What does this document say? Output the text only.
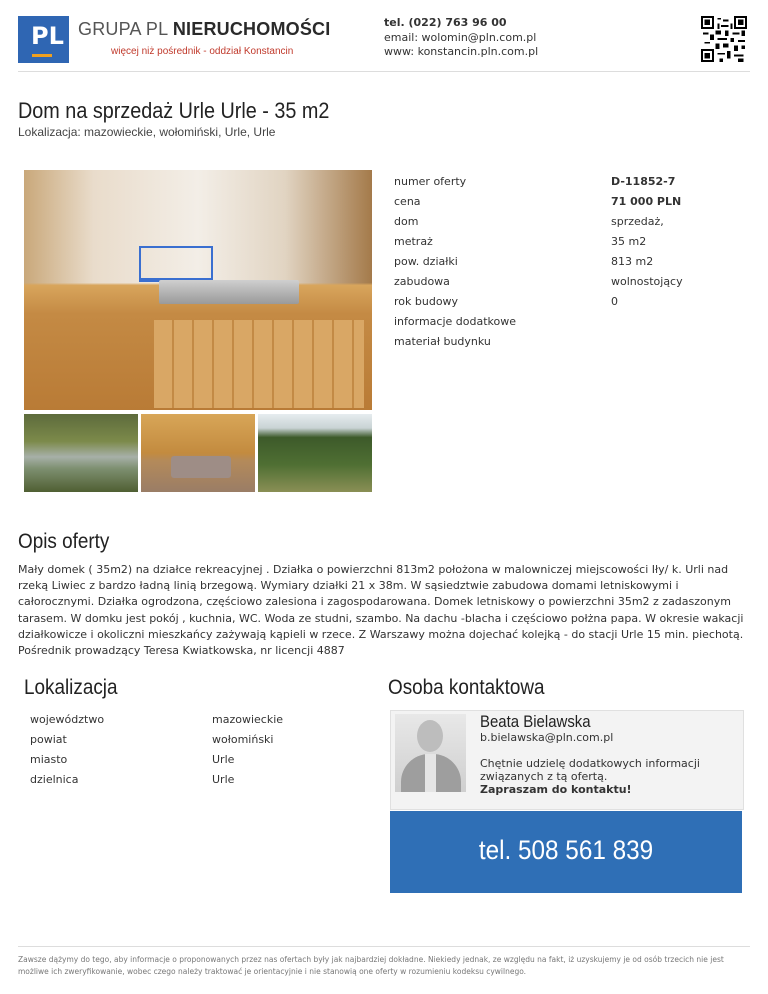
PL GRUPA PL NIERUCHOMOŚCI
więcej niż pośrednik - oddział Konstancin
tel. (022) 763 96 00
email: wolomin@pln.com.pl
www: konstancin.pln.com.pl
Dom na sprzedaż Urle Urle - 35 m2
Lokalizacja: mazowieckie, wołomiński, Urle, Urle
numer oferty	D-11852-7
cena	71 000 PLN
dom	sprzedaż,
metraż	35 m2
pow. działki	813 m2
zabudowa	wolnostojący
rok budowy	0
informacje dodatkowe
materiał budynku
Opis oferty
Mały domek ( 35m2) na działce rekreacyjnej . Działka o powierzchni 813m2 położona w malowniczej miejscowości Iły/ k. Urli nad rzeką Liwiec z bardzo ładną linią brzegową. Wymiary działki 21 x 38m. W sąsiedztwie zabudowa domami letniskowymi i całorocznymi. Działka ogrodzona, częściowo zalesiona i zagospodarowana. Domek letniskowy o powierzchni 35m2 z zadaszonym tarasem. W domku jest pokój , kuchnia, WC. Woda ze studni, szambo. Na dachu -blacha i częściowo połżna papa. W okresie wakacji działkowicze i okoliczni mieszkańcy zażywają kąpieli w rzece. Z Warszawy można dojechać kolejką - do stacji Urle 15 min. piechotą. Pośrednik prowadzący Teresa Kwiatkowska, nr licencji 4887
Lokalizacja
województwo	mazowieckie
powiat	wołomiński
miasto	Urle
dzielnica	Urle
Osoba kontaktowa
Beata Bielawska
b.bielawska@pln.com.pl
Chętnie udzielę dodatkowych informacji związanych z tą ofertą.
Zapraszam do kontaktu!
tel. 508 561 839
Zawsze dążymy do tego, aby informacje o proponowanych przez nas ofertach były jak najbardziej dokładne. Niekiedy jednak, ze względu na fakt, iż uzyskujemy je od osób trzecich nie jest możliwe ich zweryfikowanie, wobec czego należy traktować je orientacyjnie i nie stanowią one oferty w rozumieniu kodeksu cywilnego.
